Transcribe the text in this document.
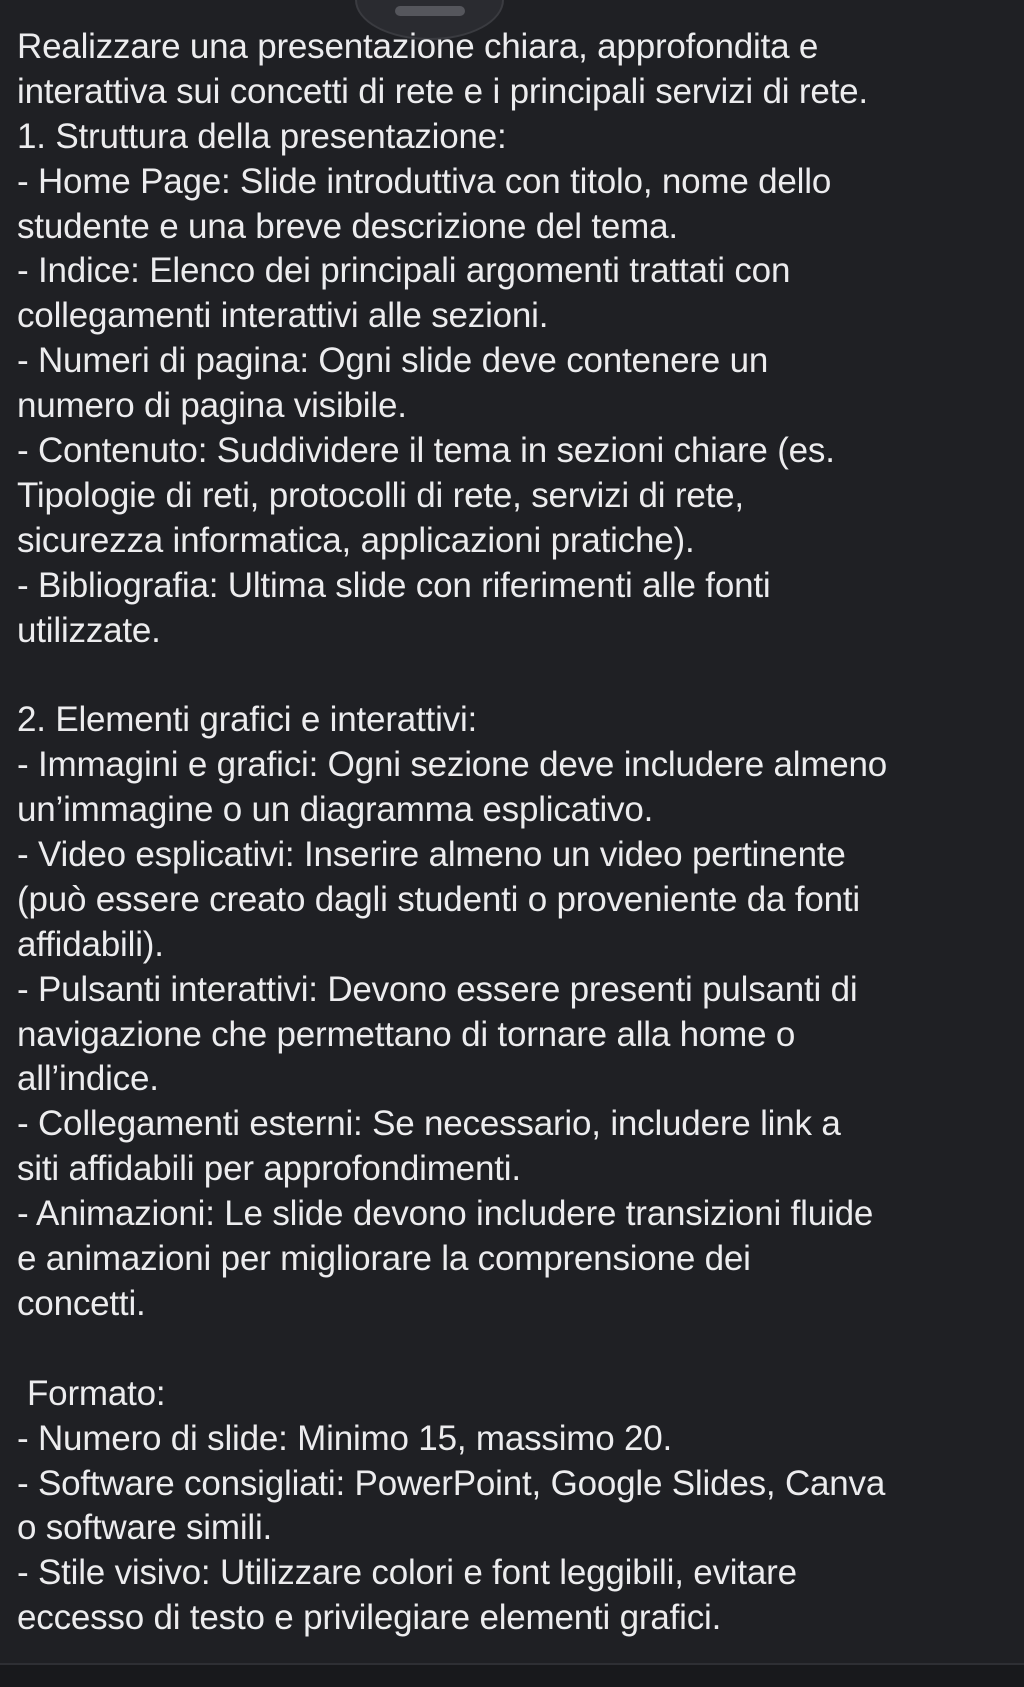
Realizzare una presentazione chiara, approfondita e
interattiva sui concetti di rete e i principali servizi di rete.
1. Struttura della presentazione:
- Home Page: Slide introduttiva con titolo, nome dello
studente e una breve descrizione del tema.
- Indice: Elenco dei principali argomenti trattati con
collegamenti interattivi alle sezioni.
- Numeri di pagina: Ogni slide deve contenere un
numero di pagina visibile.
- Contenuto: Suddividere il tema in sezioni chiare (es.
Tipologie di reti, protocolli di rete, servizi di rete,
sicurezza informatica, applicazioni pratiche).
- Bibliografia: Ultima slide con riferimenti alle fonti
utilizzate.
2. Elementi grafici e interattivi:
- Immagini e grafici: Ogni sezione deve includere almeno
un’immagine o un diagramma esplicativo.
- Video esplicativi: Inserire almeno un video pertinente
(può essere creato dagli studenti o proveniente da fonti
affidabili).
- Pulsanti interattivi: Devono essere presenti pulsanti di
navigazione che permettano di tornare alla home o
all’indice.
- Collegamenti esterni: Se necessario, includere link a
siti affidabili per approfondimenti.
- Animazioni: Le slide devono includere transizioni fluide
e animazioni per migliorare la comprensione dei
concetti.
Formato:
- Numero di slide: Minimo 15, massimo 20.
- Software consigliati: PowerPoint, Google Slides, Canva
o software simili.
- Stile visivo: Utilizzare colori e font leggibili, evitare
eccesso di testo e privilegiare elementi grafici.
